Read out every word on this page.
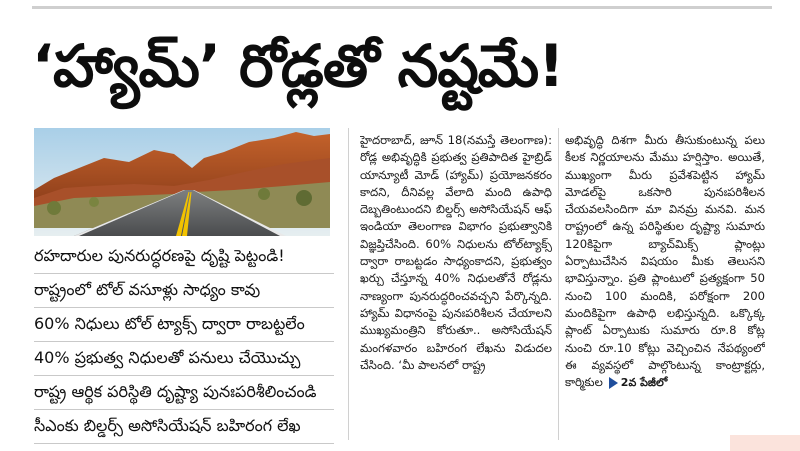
‘హ్యామ్’ రోడ్లతో నష్టమే!
రహదారుల పునరుద్ధరణపై దృష్టి పెట్టండి!
రాష్ట్రంలో టోల్ వసూళ్లు సాధ్యం కావు
60% నిధులు టోల్ ట్యాక్స్ ద్వారా రాబట్టలేం
40% ప్రభుత్వ నిధులతో పనులు చేయొచ్చు
రాష్ట్ర ఆర్థిక పరిస్థితి దృష్ట్యా పునఃపరిశీలించండి
సీఎంకు బిల్డర్స్ అసోసియేషన్ బహిరంగ లేఖ

హైదరాబాద్, జూన్ 18(నమస్తే తెలంగాణ): రోడ్ల అభివృద్ధికి ప్రభుత్వ ప్రతిపాదిత హైబ్రిడ్ యాన్యూటీ మోడ్ (హ్యామ్) ప్రయోజనకరం కాదని, దీనివల్ల వేలాది మంది ఉపాధి దెబ్బతింటుందని బిల్డర్స్ అసోసియేషన్ ఆఫ్ ఇండియా తెలంగాణ విభాగం ప్రభుత్వానికి విజ్ఞప్తిచేసింది. 60% నిధులను టోల్‌ట్యాక్స్ ద్వారా రాబట్టడం సాధ్యంకాదని, ప్రభుత్వం ఖర్చు చేస్తూన్న 40% నిధులతోనే రోడ్లను నాణ్యంగా పునరుద్ధరించవచ్చని పేర్కొన్నది. హ్యామ్ విధానంపై పునఃపరిశీలన చేయాలని ముఖ్యమంత్రిని కోరుతూ.. అసోసియేషన్ మంగళవారం బహిరంగ లేఖను విడుదల చేసింది. ‘మీ పాలనలో రాష్ట్ర

అభివృద్ధి దిశగా మీరు తీసుకుంటున్న పలు కీలక నిర్ణయాలను మేము హర్షిస్తాం. అయితే, ముఖ్యంగా మీరు ప్రవేశపెట్టిన హ్యామ్ మోడల్‌పై ఒకసారి పునఃపరిశీలన చేయవలసిందిగా మా వినమ్ర మనవి. మన రాష్ట్రంలో ఉన్న పరిస్థితుల దృష్ట్యా సుమారు 120కిపైగా బ్యాచ్‌మిక్స్ ప్లాంట్లు ఏర్పాటుచేసిన విషయం మీకు తెలుసని భావిస్తున్నాం. ప్రతి ప్లాంటులో ప్రత్యక్షంగా 50 నుంచి 100 మందికి, పరోక్షంగా 200 మందికిపైగా ఉపాధి లభిస్తున్నది. ఒక్కొక్క ప్లాంట్ ఏర్పాటుకు సుమారు రూ.8 కోట్ల నుంచి రూ.10 కోట్లు వెచ్చించిన నేపథ్యంలో ఈ వ్యవస్థలో పాల్గొంటున్న కాంట్రాక్టర్లు, కార్మికుల 2వ పేజీలో
